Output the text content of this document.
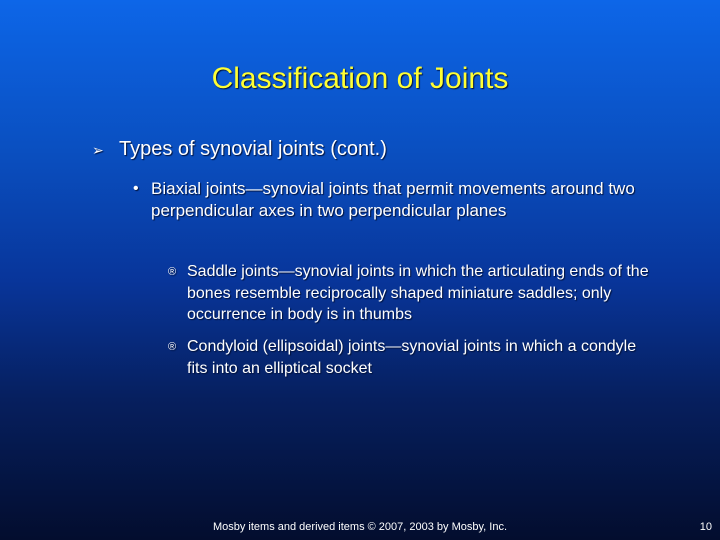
Classification of Joints
➢ Types of synovial joints (cont.)
• Biaxial joints—synovial joints that permit movements around two perpendicular axes in two perpendicular planes
® Saddle joints—synovial joints in which the articulating ends of the bones resemble reciprocally shaped miniature saddles; only occurrence in body is in thumbs
® Condyloid (ellipsoidal) joints—synovial joints in which a condyle fits into an elliptical socket
Mosby items and derived items © 2007, 2003 by Mosby, Inc.	10
